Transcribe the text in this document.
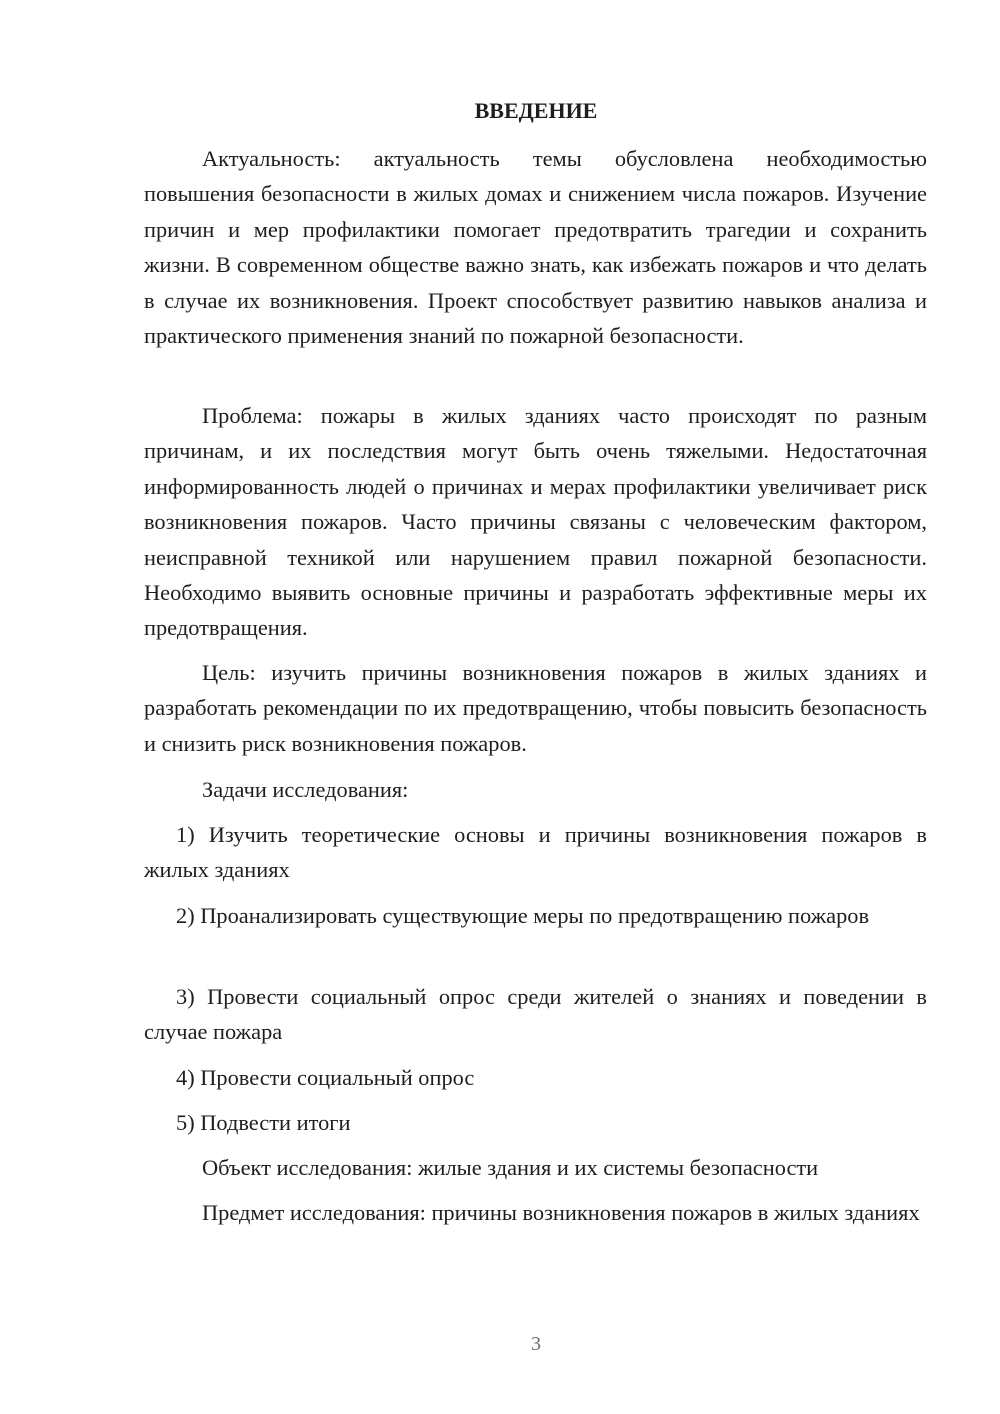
ВВЕДЕНИЕ

Актуальность: актуальность темы обусловлена необходимостью повышения безопасности в жилых домах и снижением числа пожаров. Изучение причин и мер профилактики помогает предотвратить трагедии и сохранить жизни. В современном обществе важно знать, как избежать пожаров и что делать в случае их возникновения. Проект способствует развитию навыков анализа и практического применения знаний по пожарной безопасности.

Проблема: пожары в жилых зданиях часто происходят по разным причинам, и их последствия могут быть очень тяжелыми. Недостаточная информированность людей о причинах и мерах профилактики увеличивает риск возникновения пожаров. Часто причины связаны с человеческим фактором, неисправной техникой или нарушением правил пожарной безопасности. Необходимо выявить основные причины и разработать эффективные меры их предотвращения.

Цель: изучить причины возникновения пожаров в жилых зданиях и разработать рекомендации по их предотвращению, чтобы повысить безопасность и снизить риск возникновения пожаров.

Задачи исследования:

1) Изучить теоретические основы и причины возникновения пожаров в жилых зданиях

2) Проанализировать существующие меры по предотвращению пожаров

3) Провести социальный опрос среди жителей о знаниях и поведении в случае пожара

4) Провести социальный опрос

5) Подвести итоги

Объект исследования: жилые здания и их системы безопасности

Предмет исследования: причины возникновения пожаров в жилых зданиях

3
